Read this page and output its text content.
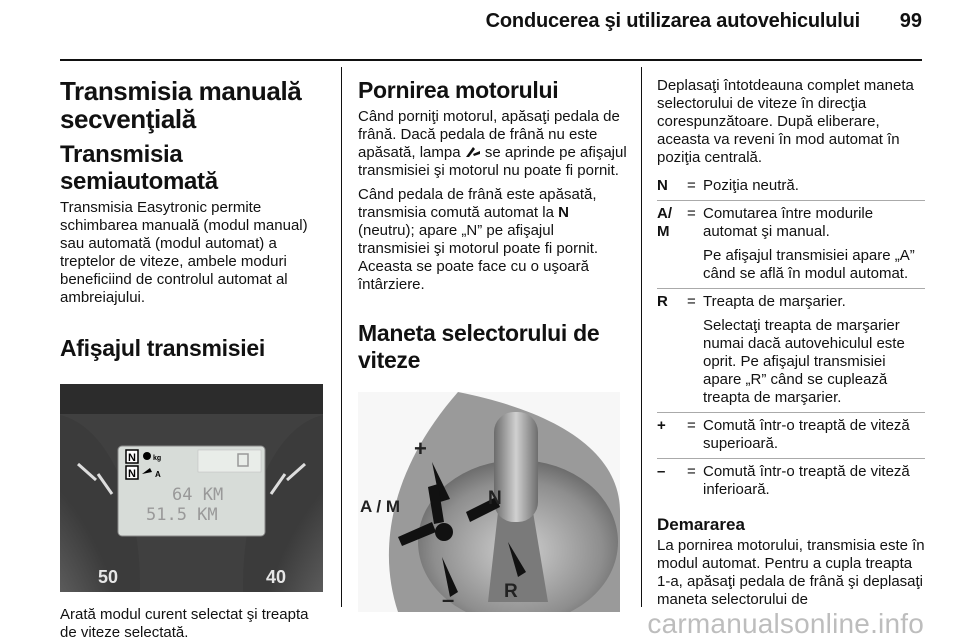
Conducerea şi utilizarea autovehiculului 99
Transmisia manuală secvenţială
Transmisia semiautomată
Transmisia Easytronic permite schimbarea manuală (modul manual) sau automată (modul automat) a treptelor de viteze, ambele moduri beneficiind de controlul automat al ambreiajului.
Afişajul transmisiei
N
N
kg
A
64 KM
51.5 KM
50	40
Arată modul curent selectat şi treapta de viteze selectată.
Pornirea motorului
Când porniţi motorul, apăsaţi pedala de frână. Dacă pedala de frână nu este apăsată, lampa  se aprinde pe afişajul transmisiei şi motorul nu poate fi pornit.
Când pedala de frână este apăsată, transmisia comută automat la N (neutru); apare „N” pe afişajul transmisiei şi motorul poate fi pornit. Aceasta se poate face cu o uşoară întârziere.
Maneta selectorului de viteze
+
–
A / M	N
R
Deplasaţi întotdeauna complet maneta selectorului de viteze în direcţia corespunzătoare. După eliberare, aceasta va reveni în mod automat în poziţia centrală.
N	= Poziţia neutră.
A/ M
= Comutarea între modurile automat şi manual.
Pe afişajul transmisiei apare „A” când se află în modul automat.
R	= Treapta de marşarier.
Selectaţi treapta de marşarier numai dacă autovehiculul este oprit. Pe afişajul transmisiei apare „R” când se cuplează treapta de marşarier.
+	= Comută într-o treaptă de viteză superioară.
–	= Comută într-o treaptă de viteză inferioară.
Demararea
La pornirea motorului, transmisia este în modul automat. Pentru a cupla treapta 1-a, apăsaţi pedala de frână şi deplasaţi maneta selectorului de
carmanualsonline.info
